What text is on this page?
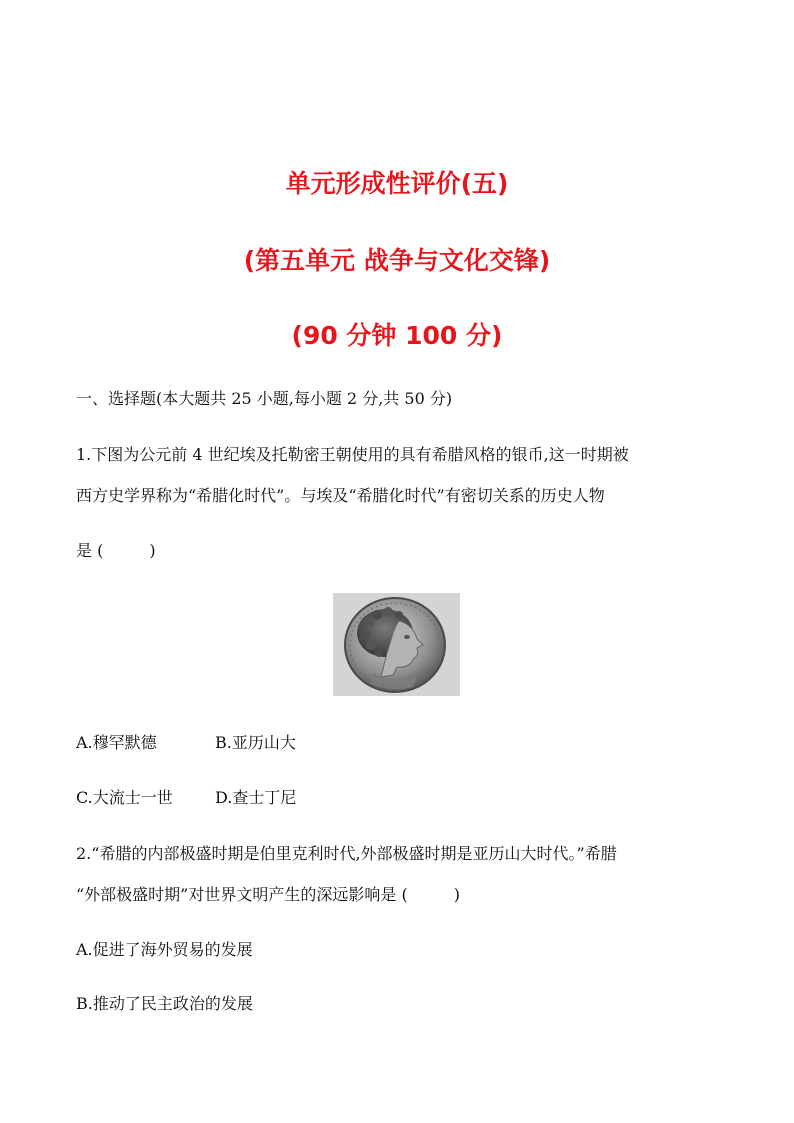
单元形成性评价(五)
(第五单元 战争与文化交锋)
(90 分钟 100 分)
一、选择题(本大题共 25 小题,每小题 2 分,共 50 分)
1.下图为公元前 4 世纪埃及托勒密王朝使用的具有希腊风格的银币,这一时期被
西方史学界称为“希腊化时代”。与埃及“希腊化时代”有密切关系的历史人物
是 (	)
A.穆罕默德	B.亚历山大
C.大流士一世	D.查士丁尼
2.“希腊的内部极盛时期是伯里克利时代,外部极盛时期是亚历山大时代。”希腊
“外部极盛时期”对世界文明产生的深远影响是 (	)
A.促进了海外贸易的发展
B.推动了民主政治的发展
